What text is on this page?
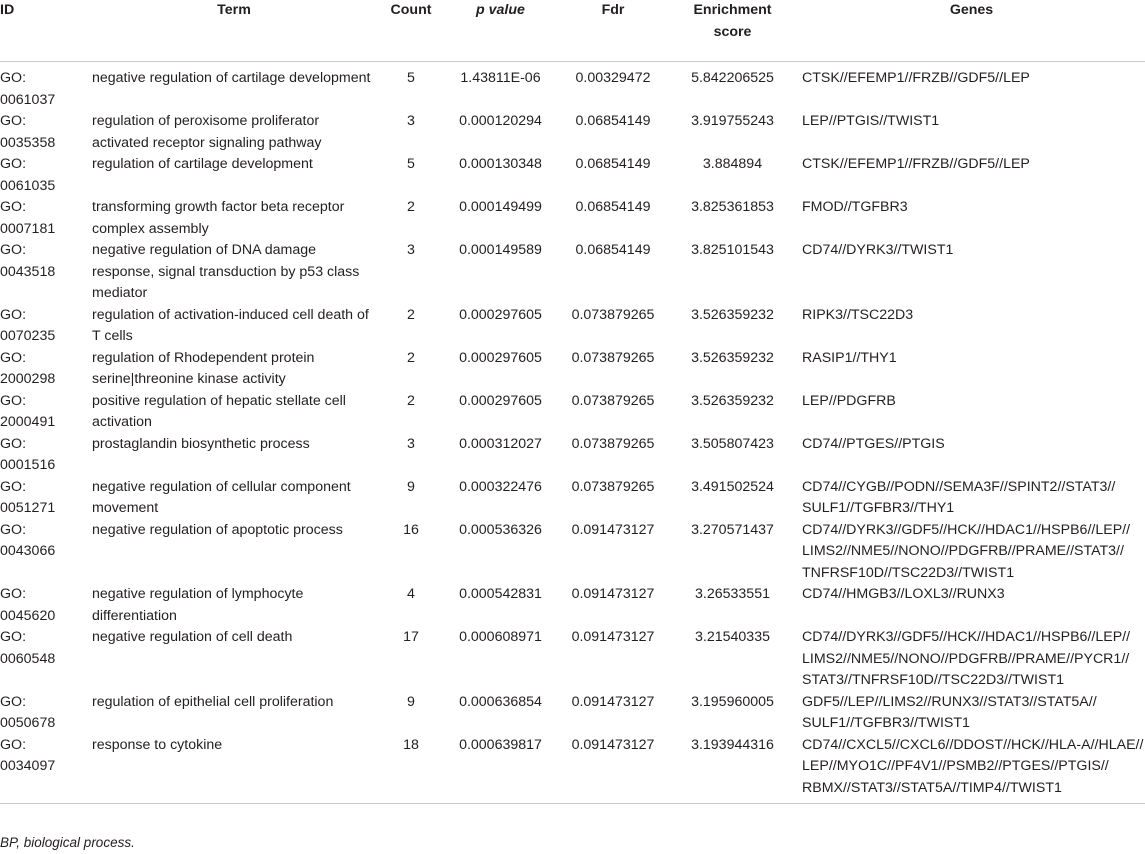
ID	Term	Count	p value	Fdr	Enrichment
score	Genes
GO:
0061037	negative regulation of cartilage development	5	1.43811E-06	0.00329472	5.842206525	CTSK//EFEMP1//FRZB//GDF5//LEP
GO:
0035358	regulation of peroxisome proliferator activated receptor signaling pathway	3	0.000120294	0.06854149	3.919755243	LEP//PTGIS//TWIST1
GO:
0061035	regulation of cartilage development	5	0.000130348	0.06854149	3.884894	CTSK//EFEMP1//FRZB//GDF5//LEP
GO:
0007181	transforming growth factor beta receptor complex assembly	2	0.000149499	0.06854149	3.825361853	FMOD//TGFBR3
GO:
0043518	negative regulation of DNA damage response, signal transduction by p53 class mediator	3	0.000149589	0.06854149	3.825101543	CD74//DYRK3//TWIST1
GO:
0070235	regulation of activation-induced cell death of T cells	2	0.000297605	0.073879265	3.526359232	RIPK3//TSC22D3
GO:
2000298	regulation of Rhodependent protein serine|threonine kinase activity	2	0.000297605	0.073879265	3.526359232	RASIP1//THY1
GO:
2000491	positive regulation of hepatic stellate cell activation	2	0.000297605	0.073879265	3.526359232	LEP//PDGFRB
GO:
0001516	prostaglandin biosynthetic process	3	0.000312027	0.073879265	3.505807423	CD74//PTGES//PTGIS
GO:
0051271	negative regulation of cellular component movement	9	0.000322476	0.073879265	3.491502524	CD74//CYGB//PODN//SEMA3F//SPINT2//STAT3//SULF1//TGFBR3//THY1
GO:
0043066	negative regulation of apoptotic process	16	0.000536326	0.091473127	3.270571437	CD74//DYRK3//GDF5//HCK//HDAC1//HSPB6//LEP//LIMS2//NME5//NONO//PDGFRB//PRAME//STAT3//TNFRSF10D//TSC22D3//TWIST1
GO:
0045620	negative regulation of lymphocyte differentiation	4	0.000542831	0.091473127	3.26533551	CD74//HMGB3//LOXL3//RUNX3
GO:
0060548	negative regulation of cell death	17	0.000608971	0.091473127	3.21540335	CD74//DYRK3//GDF5//HCK//HDAC1//HSPB6//LEP//LIMS2//NME5//NONO//PDGFRB//PRAME//PYCR1//STAT3//TNFRSF10D//TSC22D3//TWIST1
GO:
0050678	regulation of epithelial cell proliferation	9	0.000636854	0.091473127	3.195960005	GDF5//LEP//LIMS2//RUNX3//STAT3//STAT5A//SULF1//TGFBR3//TWIST1
GO:
0034097	response to cytokine	18	0.000639817	0.091473127	3.193944316	CD74//CXCL5//CXCL6//DDOST//HCK//HLA-A//HLAE//LEP//MYO1C//PF4V1//PSMB2//PTGES//PTGIS//RBMX//STAT3//STAT5A//TIMP4//TWIST1
BP, biological process.
